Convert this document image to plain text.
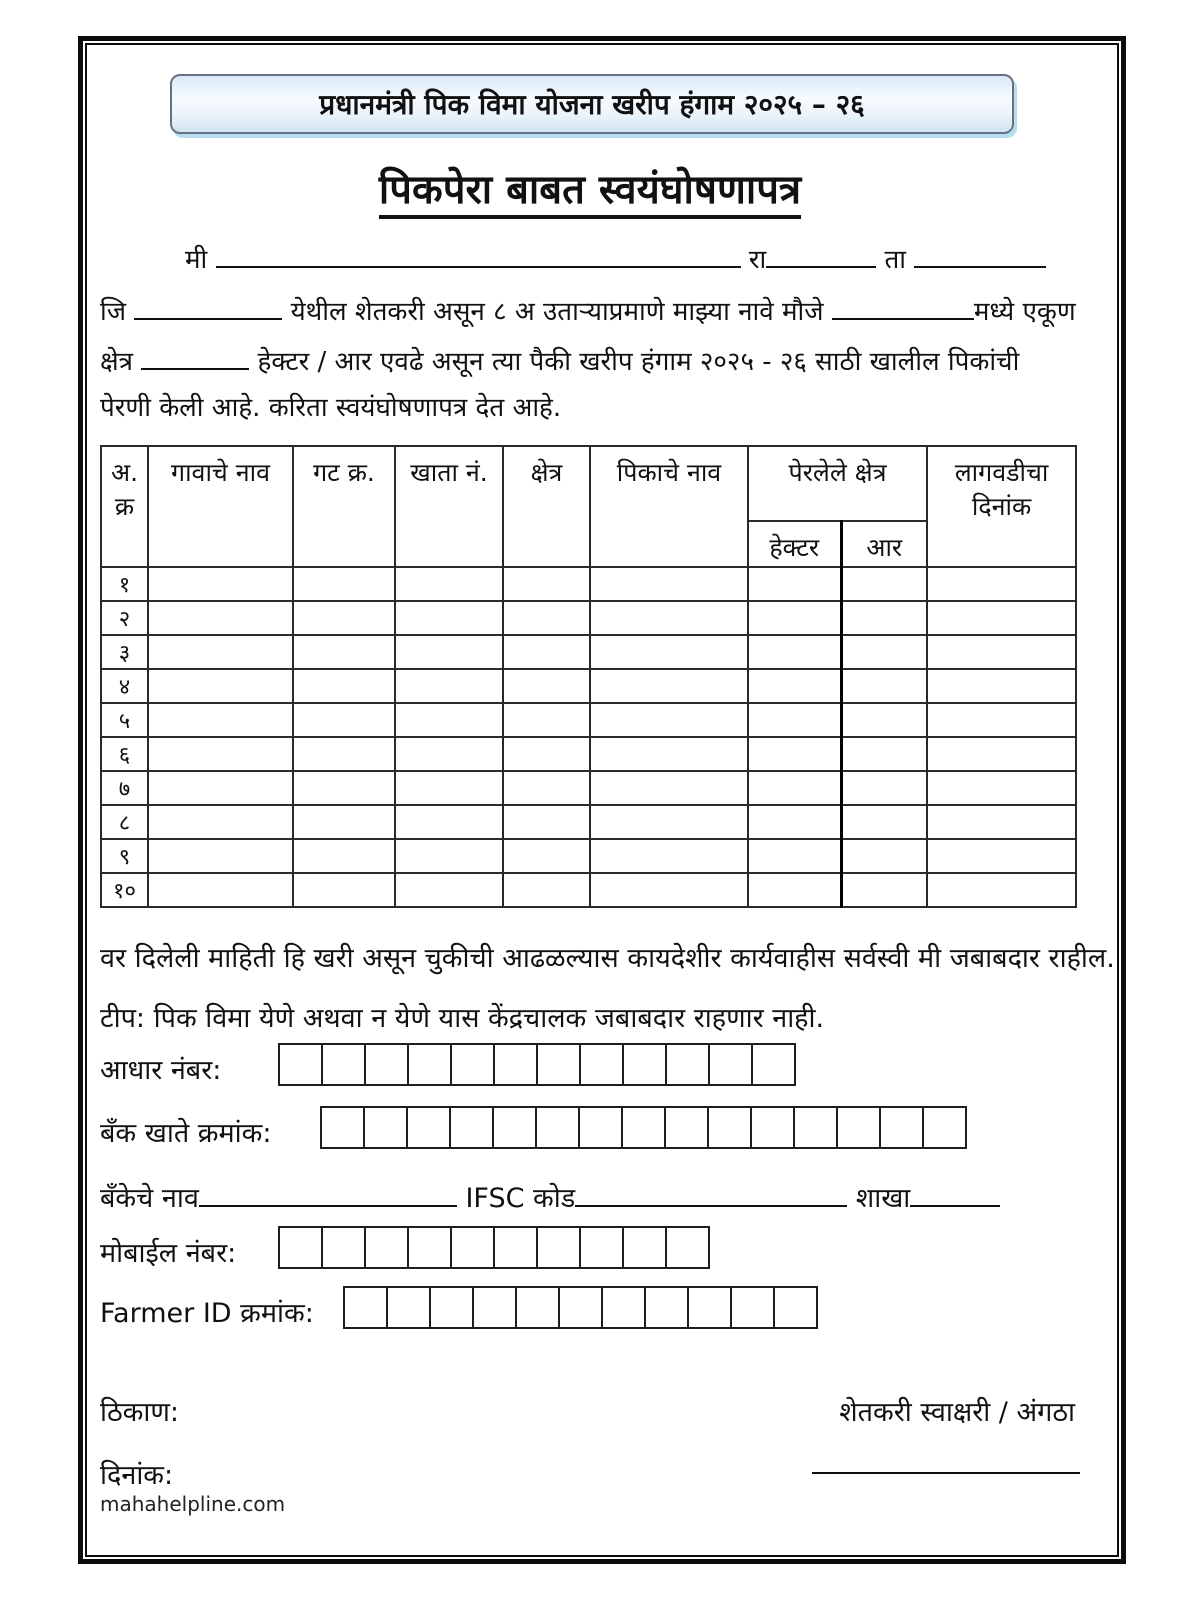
प्रधानमंत्री पिक विमा योजना खरीप हंगाम २०२५ – २६
पिकपेरा बाबत स्वयंघोषणापत्र
मी	रा	ता
जि	येथील शेतकरी असून ८ अ उताऱ्याप्रमाणे माझ्या नावे मौजे	मध्ये एकूण
क्षेत्र	हेक्टर / आर एवढे असून त्या पैकी खरीप हंगाम २०२५ - २६ साठी खालील पिकांची
पेरणी केली आहे. करिता स्वयंघोषणापत्र देत आहे.
अ. क्र	गावाचे नाव	गट क्र.	खाता नं.	क्षेत्र	पिकाचे नाव	पेरलेले क्षेत्र		लागवडीचा दिनांक
						हेक्टर	आर	
१								
२								
३								
४								
५								
६								
७								
८								
९								
१०								
वर दिलेली माहिती हि खरी असून चुकीची आढळल्यास कायदेशीर कार्यवाहीस सर्वस्वी मी जबाबदार राहील.
टीप: पिक विमा येणे अथवा न येणे यास केंद्रचालक जबाबदार राहणार नाही.
आधार नंबर:
बँक खाते क्रमांक:
बँकेचे नाव	IFSC कोड	शाखा
मोबाईल नंबर:
Farmer ID क्रमांक:
ठिकाण:	शेतकरी स्वाक्षरी / अंगठा
दिनांक:
mahahelpline.com
